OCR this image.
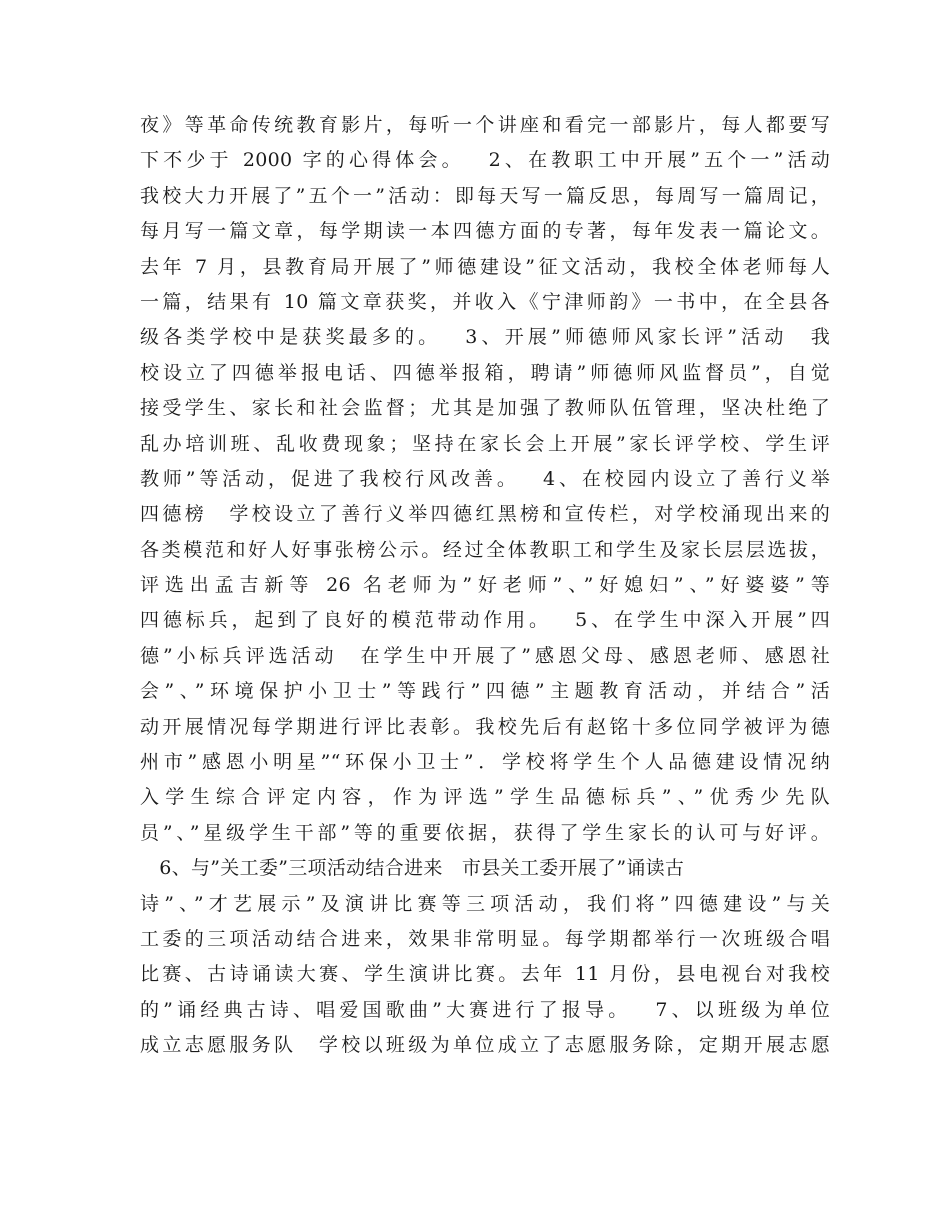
夜》等革命传统教育影片，每听一个讲座和看完一部影片，每人都要写
下不少于 2000 字的心得体会。　 2、在教职工中开展”五个一”活动
我校大力开展了”五个一”活动：即每天写一篇反思，每周写一篇周记，
每月写一篇文章，每学期读一本四德方面的专著，每年发表一篇论文。
去年 7 月，县教育局开展了”师德建设”征文活动，我校全体老师每人
一篇，结果有 10 篇文章获奖，并收入《宁津师韵》一书中，在全县各
级各类学校中是获奖最多的。　 3、开展”师德师风家长评”活动　我
校设立了四德举报电话、四德举报箱，聘请”师德师风监督员”，自觉
接受学生、家长和社会监督；尤其是加强了教师队伍管理，坚决杜绝了
乱办培训班、乱收费现象；坚持在家长会上开展”家长评学校、学生评
教师”等活动，促进了我校行风改善。　 4、在校园内设立了善行义举
四德榜　学校设立了善行义举四德红黑榜和宣传栏，对学校涌现出来的
各类模范和好人好事张榜公示。经过全体教职工和学生及家长层层选拔，
评选出孟吉新等 26 名老师为”好老师”、”好媳妇”、”好婆婆”等
四德标兵，起到了良好的模范带动作用。　 5、在学生中深入开展”四
德”小标兵评选活动　在学生中开展了”感恩父母、感恩老师、感恩社
会”、”环境保护小卫士”等践行”四德”主题教育活动，并结合”活
动开展情况每学期进行评比表彰。我校先后有赵铭十多位同学被评为德
州市”感恩小明星”“环保小卫士”．学校将学生个人品德建设情况纳
入学生综合评定内容，作为评选”学生品德标兵”、”优秀少先队
员”、”星级学生干部”等的重要依据，获得了学生家长的认可与好评。
　6、与”关工委”三项活动结合进来　市县关工委开展了”诵读古
诗”、”才艺展示”及演讲比赛等三项活动，我们将”四德建设”与关
工委的三项活动结合进来，效果非常明显。每学期都举行一次班级合唱
比赛、古诗诵读大赛、学生演讲比赛。去年 11 月份，县电视台对我校
的”诵经典古诗、唱爱国歌曲”大赛进行了报导。　 7、以班级为单位
成立志愿服务队　学校以班级为单位成立了志愿服务除，定期开展志愿
